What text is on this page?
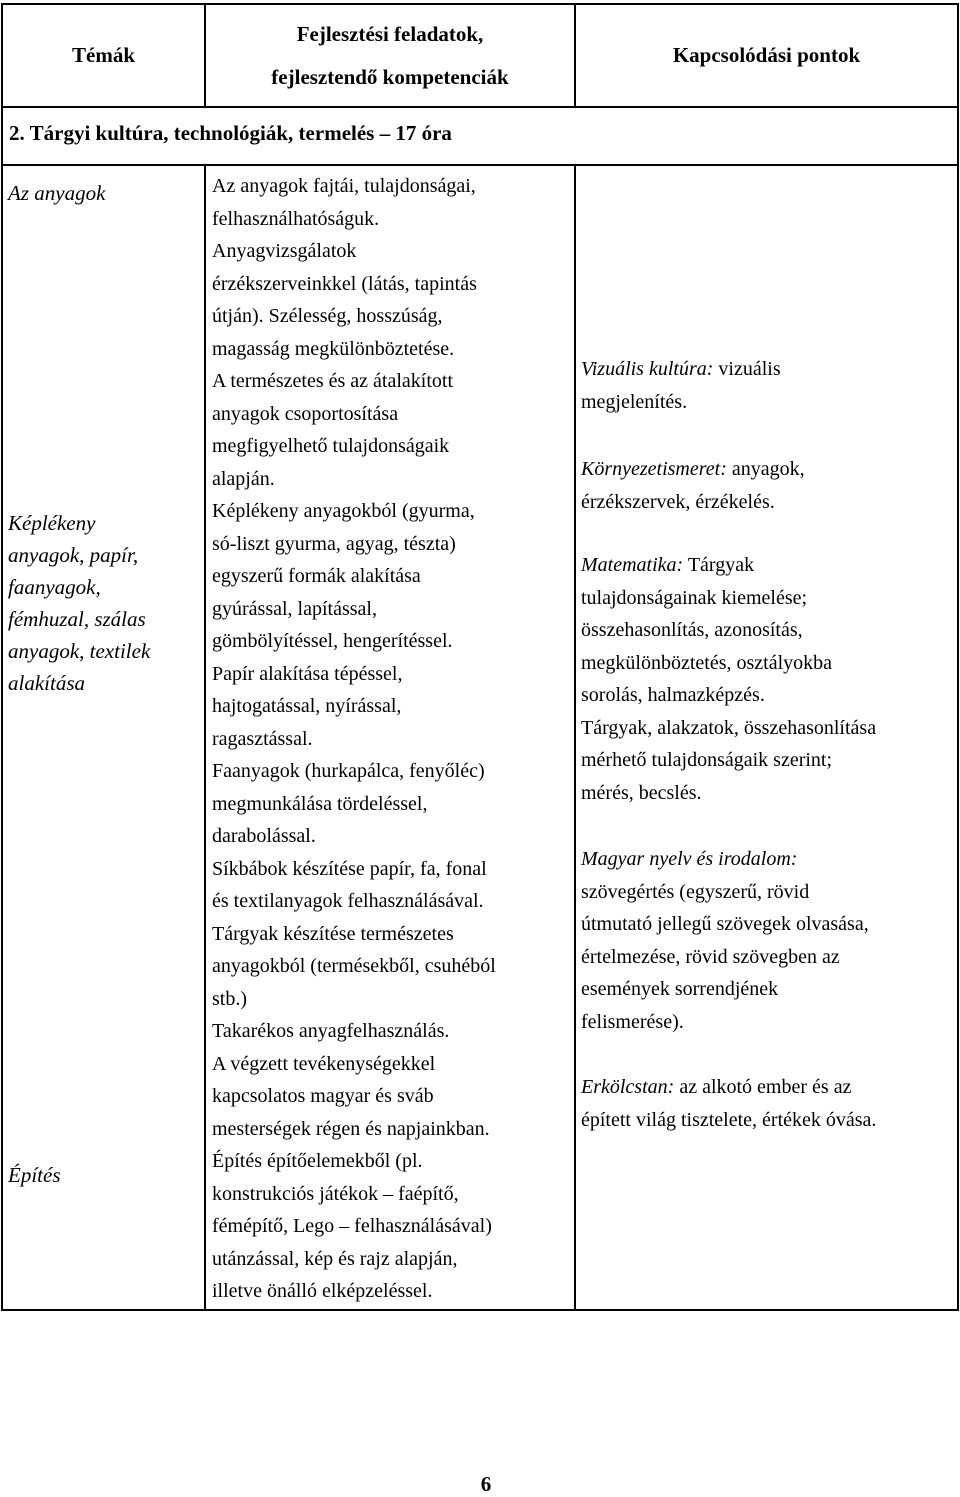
Témák
Fejlesztési feladatok,
fejlesztendő kompetenciák
Kapcsolódási pontok
2. Tárgyi kultúra, technológiák, termelés – 17 óra
Az anyagok
Képlékeny
anyagok, papír,
faanyagok,
fémhuzal, szálas
anyagok, textilek
alakítása
Építés
Az anyagok fajtái, tulajdonságai,
felhasználhatóságuk.
Anyagvizsgálatok
érzékszerveinkkel (látás, tapintás
útján). Szélesség, hosszúság,
magasság megkülönböztetése.
A természetes és az átalakított
anyagok csoportosítása
megfigyelhető tulajdonságaik
alapján.
Képlékeny anyagokból (gyurma,
só-liszt gyurma, agyag, tészta)
egyszerű formák alakítása
gyúrással, lapítással,
gömbölyítéssel, hengerítéssel.
Papír alakítása tépéssel,
hajtogatással, nyírással,
ragasztással.
Faanyagok (hurkapálca, fenyőléc)
megmunkálása tördeléssel,
darabolással.
Síkbábok készítése papír, fa, fonal
és textilanyagok felhasználásával.
Tárgyak készítése természetes
anyagokból (termésekből, csuhéból
stb.)
Takarékos anyagfelhasználás.
A végzett tevékenységekkel
kapcsolatos magyar és sváb
mesterségek régen és napjainkban.
Építés építőelemekből (pl.
konstrukciós játékok – faépítő,
fémépítő, Lego – felhasználásával)
utánzással, kép és rajz alapján,
illetve önálló elképzeléssel.
Vizuális kultúra: vizuális
megjelenítés.
Környezetismeret: anyagok,
érzékszervek, érzékelés.
Matematika: Tárgyak
tulajdonságainak kiemelése;
összehasonlítás, azonosítás,
megkülönböztetés, osztályokba
sorolás, halmazképzés.
Tárgyak, alakzatok, összehasonlítása
mérhető tulajdonságaik szerint;
mérés, becslés.
Magyar nyelv és irodalom:
szövegértés (egyszerű, rövid
útmutató jellegű szövegek olvasása,
értelmezése, rövid szövegben az
események sorrendjének
felismerése).
Erkölcstan: az alkotó ember és az
épített világ tisztelete, értékek óvása.
6
